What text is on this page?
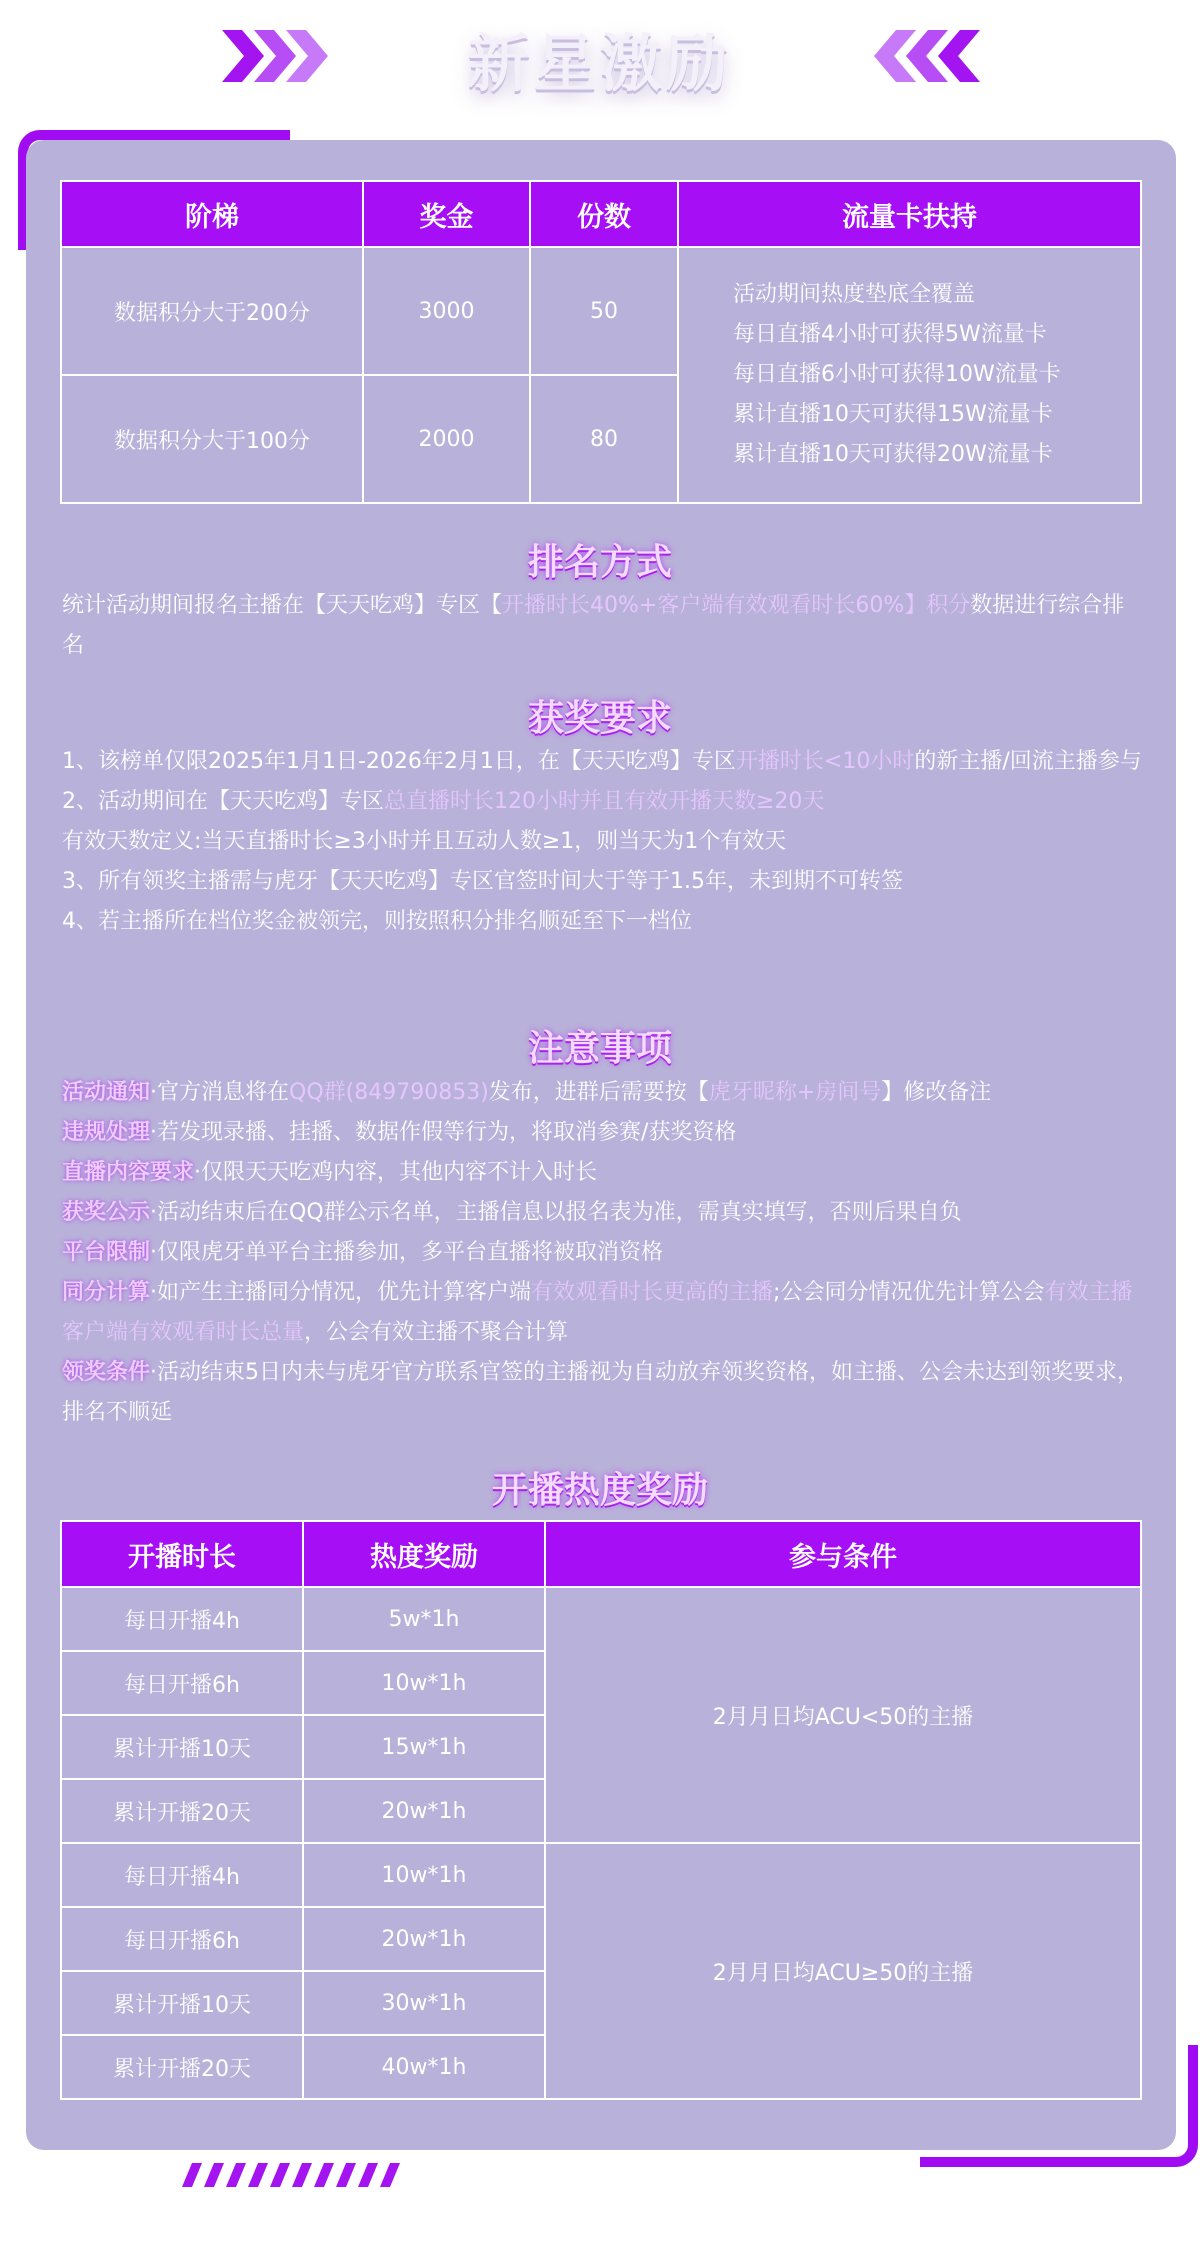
新星激励
阶梯	奖金	份数	流量卡扶持
数据积分大于200分	3000	50	活动期间热度垫底全覆盖
每日直播4小时可获得5W流量卡
每日直播6小时可获得10W流量卡
累计直播10天可获得15W流量卡
累计直播10天可获得20W流量卡

数据积分大于100分	2000	80	
排名方式
统计活动期间报名主播在【天天吃鸡】专区【开播时长40%+客户端有效观看时长60%】积分数据进行综合排名
获奖要求
1、该榜单仅限2025年1月1日-2026年2月1日，在【天天吃鸡】专区开播时长<10小时的新主播/回流主播参与
2、活动期间在【天天吃鸡】专区总直播时长120小时并且有效开播天数≥20天
有效天数定义:当天直播时长≥3小时并且互动人数≥1，则当天为1个有效天
3、所有领奖主播需与虎牙【天天吃鸡】专区官签时间大于等于1.5年，未到期不可转签
4、若主播所在档位奖金被领完，则按照积分排名顺延至下一档位
注意事项
活动通知·官方消息将在QQ群(849790853)发布，进群后需要按【虎牙昵称+房间号】修改备注
违规处理·若发现录播、挂播、数据作假等行为，将取消参赛/获奖资格
直播内容要求·仅限天天吃鸡内容，其他内容不计入时长
获奖公示·活动结束后在QQ群公示名单，主播信息以报名表为准，需真实填写，否则后果自负
平台限制·仅限虎牙单平台主播参加，多平台直播将被取消资格
同分计算·如产生主播同分情况，优先计算客户端有效观看时长更高的主播;公会同分情况优先计算公会有效主播客户端有效观看时长总量，公会有效主播不聚合计算
领奖条件·活动结束5日内未与虎牙官方联系官签的主播视为自动放弃领奖资格，如主播、公会未达到领奖要求，排名不顺延
开播热度奖励
开播时长	热度奖励	参与条件
每日开播4h	5w*1h	2月月日均ACU<50的主播
每日开播6h	10w*1h	
累计开播10天	15w*1h	
累计开播20天	20w*1h	
每日开播4h	10w*1h	2月月日均ACU≥50的主播
每日开播6h	20w*1h	
累计开播10天	30w*1h	
累计开播20天	40w*1h	
